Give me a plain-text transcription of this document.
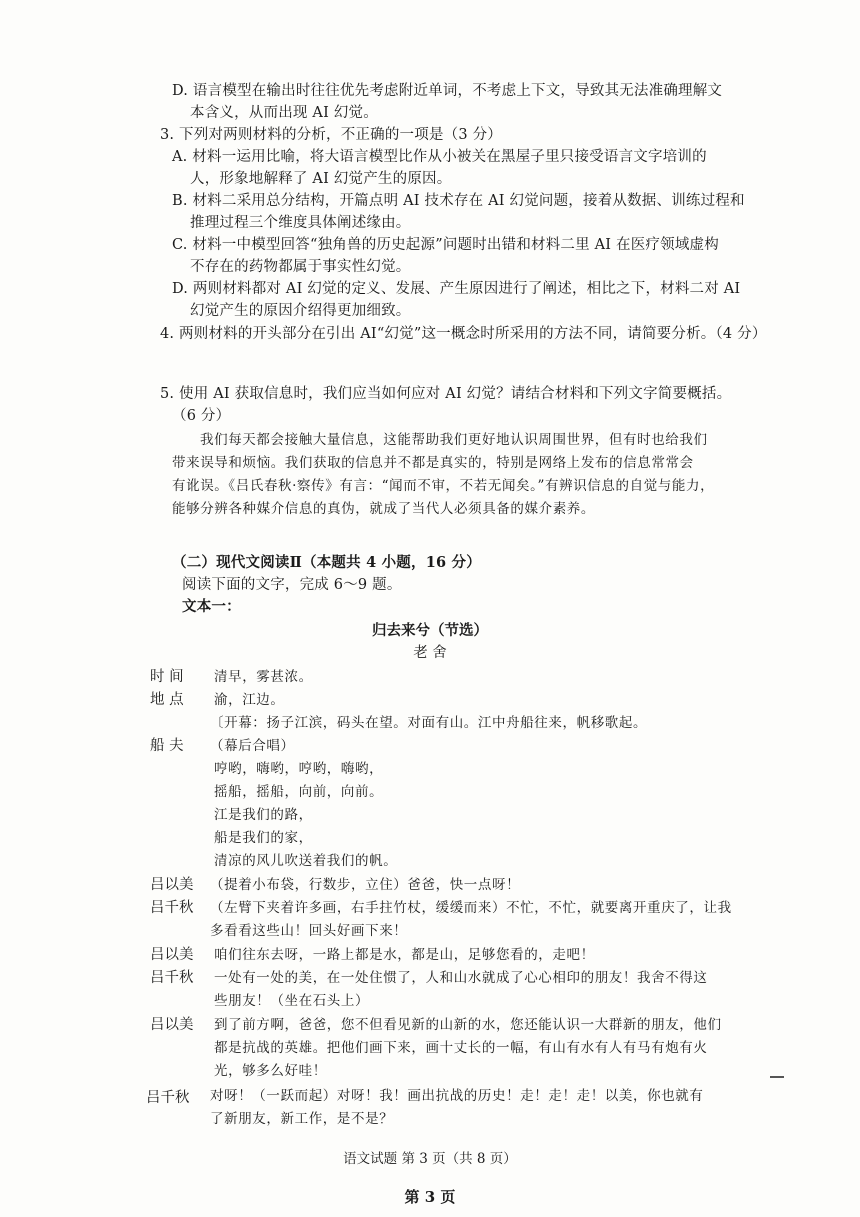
D. 语言模型在输出时往往优先考虑附近单词，不考虑上下文，导致其无法准确理解文
本含义，从而出现 AI 幻觉。
3. 下列对两则材料的分析，不正确的一项是（3 分）
A. 材料一运用比喻，将大语言模型比作从小被关在黑屋子里只接受语言文字培训的
人，形象地解释了 AI 幻觉产生的原因。
B. 材料二采用总分结构，开篇点明 AI 技术存在 AI 幻觉问题，接着从数据、训练过程和
推理过程三个维度具体阐述缘由。
C. 材料一中模型回答“独角兽的历史起源”问题时出错和材料二里 AI 在医疗领域虚构
不存在的药物都属于事实性幻觉。
D. 两则材料都对 AI 幻觉的定义、发展、产生原因进行了阐述，相比之下，材料二对 AI
幻觉产生的原因介绍得更加细致。
4. 两则材料的开头部分在引出 AI“幻觉”这一概念时所采用的方法不同，请简要分析。（4 分）
5. 使用 AI 获取信息时，我们应当如何应对 AI 幻觉？请结合材料和下列文字简要概括。
（6 分）
我们每天都会接触大量信息，这能帮助我们更好地认识周围世界，但有时也给我们
带来误导和烦恼。我们获取的信息并不都是真实的，特别是网络上发布的信息常常会
有讹误。《吕氏春秋·察传》有言：“闻而不审，不若无闻矣。”有辨识信息的自觉与能力，
能够分辨各种媒介信息的真伪，就成了当代人必须具备的媒介素养。
（二）现代文阅读Ⅱ（本题共 4 小题，16 分）
阅读下面的文字，完成 6～9 题。
文本一：
归去来兮（节选）
老 舍
时 间 清早，雾甚浓。
地 点 渝，江边。
〔开幕：扬子江滨，码头在望。对面有山。江中舟船往来，帆移歌起。
船 夫 （幕后合唱）
哼哟，嗨哟，哼哟，嗨哟，
摇船，摇船，向前，向前。
江是我们的路，
船是我们的家，
清凉的风儿吹送着我们的帆。
吕以美 （提着小布袋，行数步，立住）爸爸，快一点呀！
吕千秋 （左臂下夹着许多画，右手拄竹杖，缓缓而来）不忙，不忙，就要离开重庆了，让我
多看看这些山！回头好画下来！
吕以美 咱们往东去呀，一路上都是水，都是山，足够您看的，走吧！
吕千秋 一处有一处的美，在一处住惯了，人和山水就成了心心相印的朋友！我舍不得这
些朋友！（坐在石头上）
吕以美 到了前方啊，爸爸，您不但看见新的山新的水，您还能认识一大群新的朋友，他们
都是抗战的英雄。把他们画下来，画十丈长的一幅，有山有水有人有马有炮有火
光，够多么好哇！
吕千秋 对呀！（一跃而起）对呀！我！画出抗战的历史！走！走！走！以美，你也就有
了新朋友，新工作，是不是？
语文试题 第 3 页（共 8 页）
第 3 页
